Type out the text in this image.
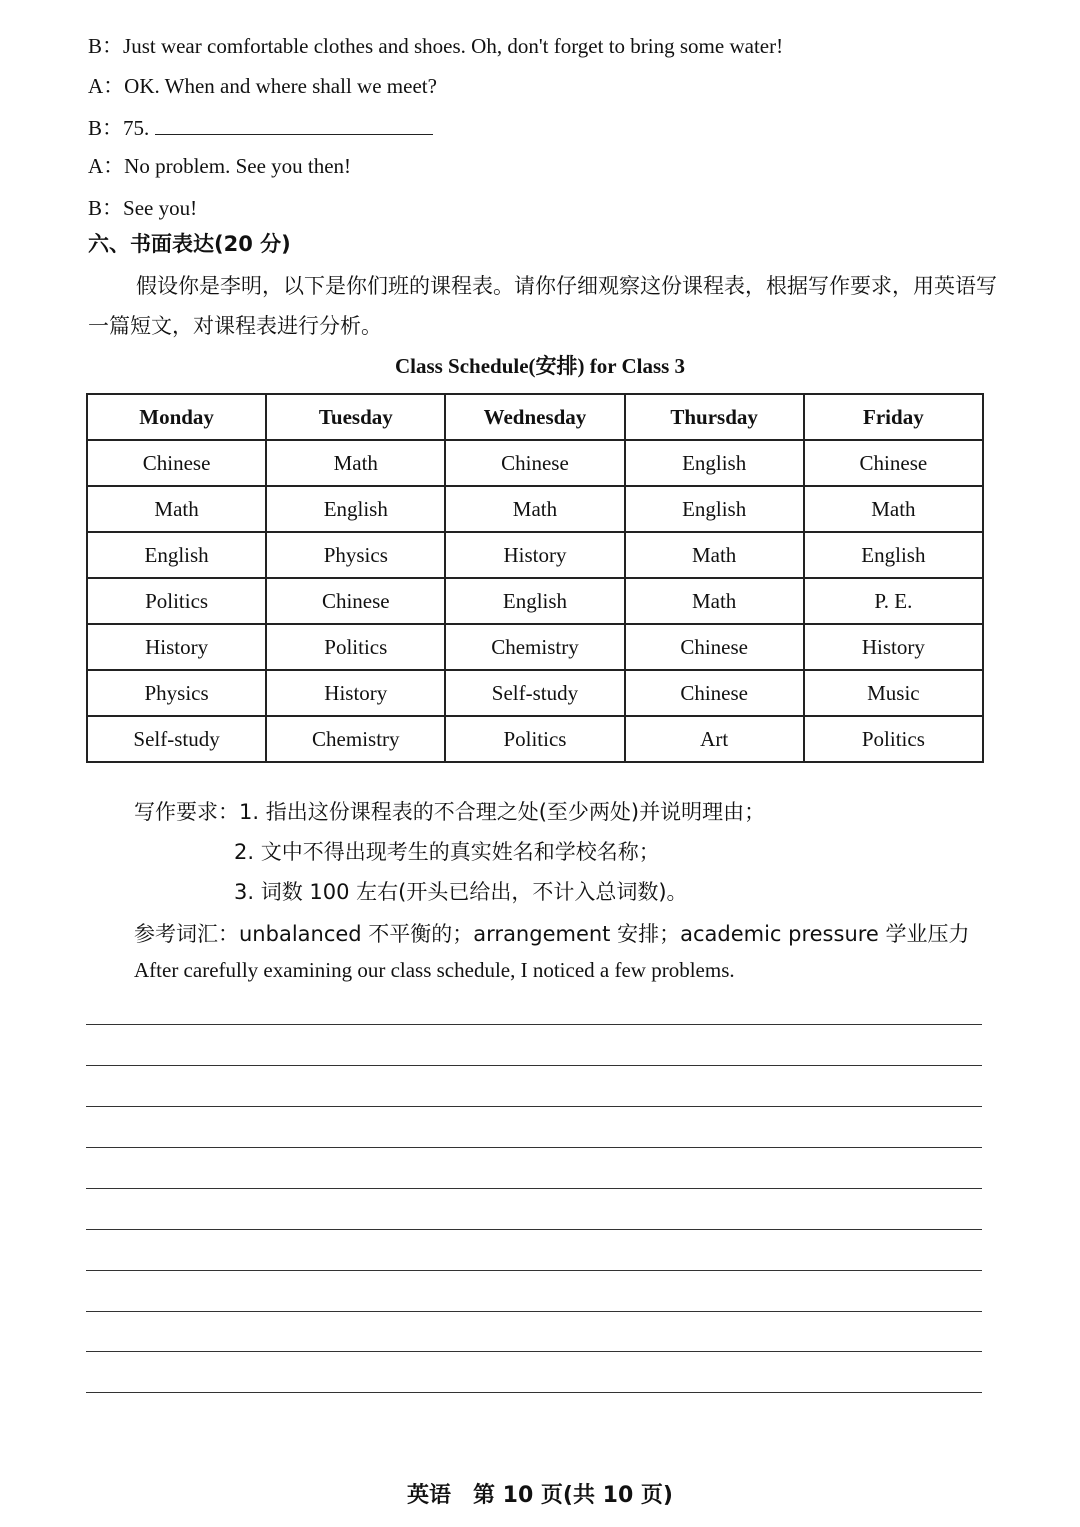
B：Just wear comfortable clothes and shoes. Oh, don't forget to bring some water!
A：OK. When and where shall we meet?
B：75.
A：No problem. See you then!
B：See you!
六、书面表达(20 分)
假设你是李明，以下是你们班的课程表。请你仔细观察这份课程表，根据写作要求，用英语写一篇短文，对课程表进行分析。
Class Schedule(安排) for Class 3
Monday	Tuesday	Wednesday	Thursday	Friday
Chinese	Math	Chinese	English	Chinese
Math	English	Math	English	Math
English	Physics	History	Math	English
Politics	Chinese	English	Math	P. E.
History	Politics	Chemistry	Chinese	History
Physics	History	Self-study	Chinese	Music
Self-study	Chemistry	Politics	Art	Politics
写作要求：1. 指出这份课程表的不合理之处(至少两处)并说明理由；
2. 文中不得出现考生的真实姓名和学校名称；
3. 词数 100 左右(开头已给出，不计入总词数)。
参考词汇：unbalanced 不平衡的；arrangement 安排；academic pressure 学业压力
After carefully examining our class schedule, I noticed a few problems.
英语　第 10 页(共 10 页)
